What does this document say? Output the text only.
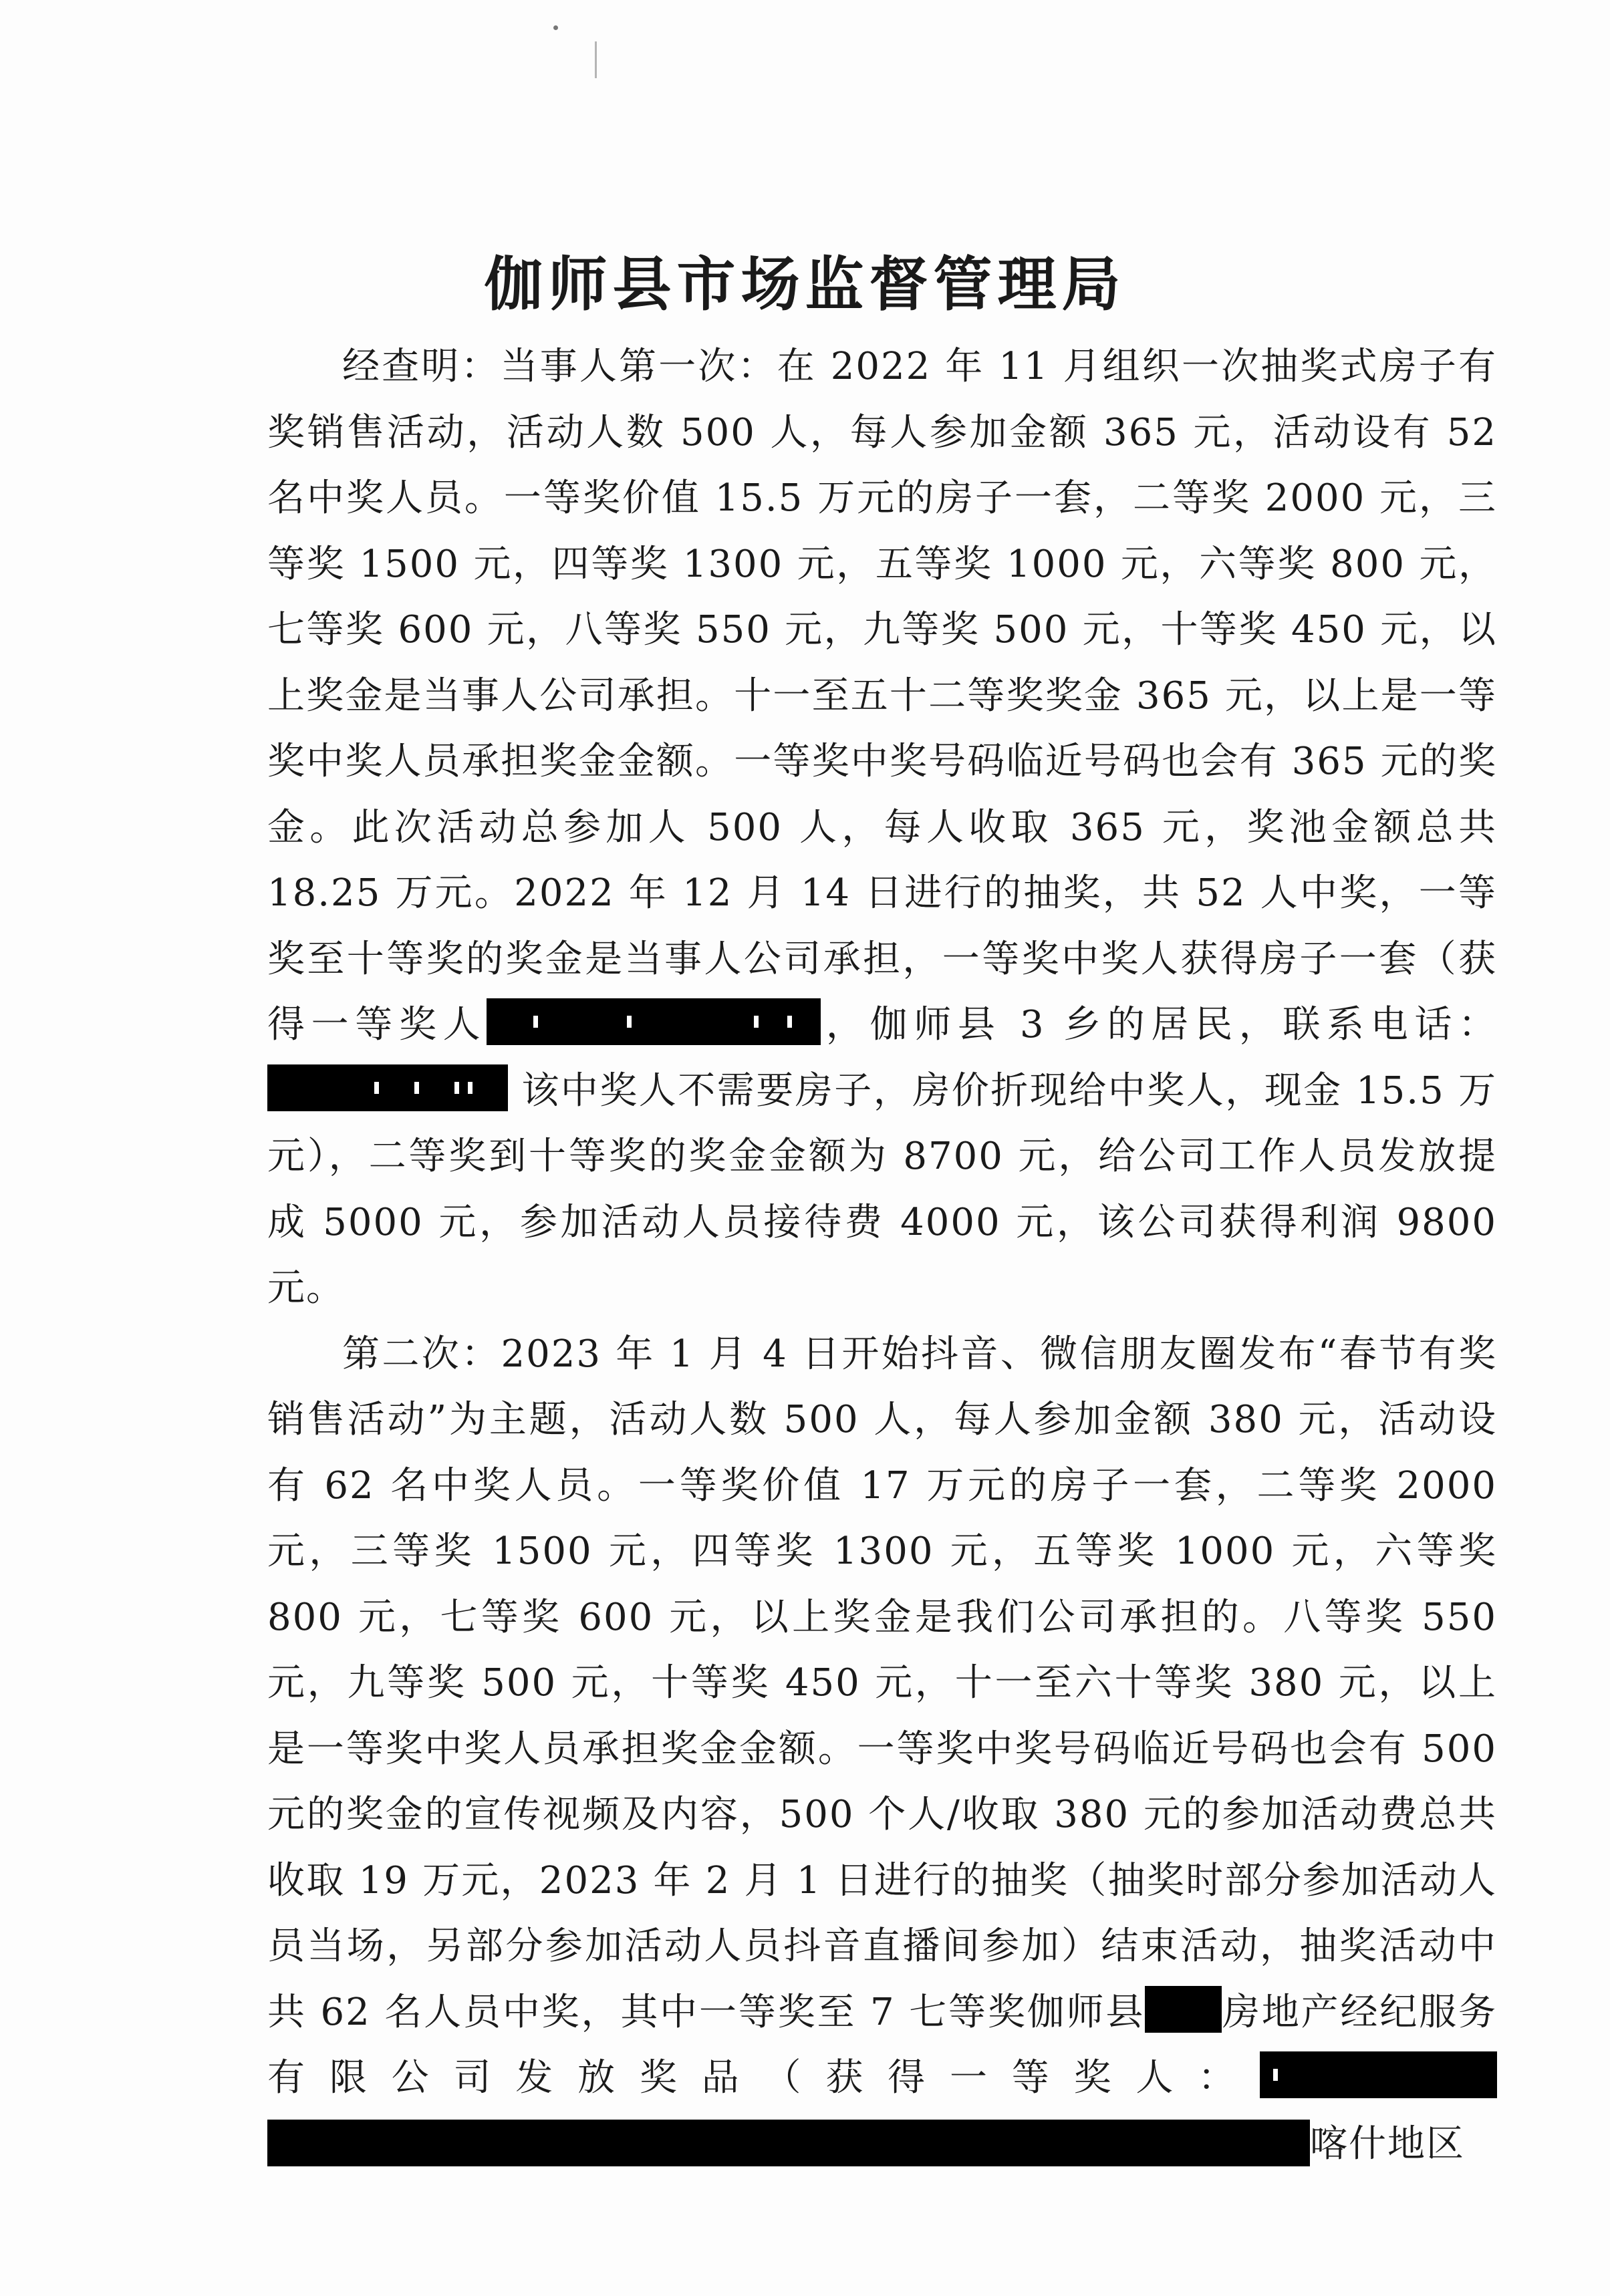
伽师县市场监督管理局

经查明：当事人第一次：在 2022 年 11 月组织一次抽奖式房子有奖销售活动，活动人数 500 人，每人参加金额 365 元，活动设有 52 名中奖人员。一等奖价值 15.5 万元的房子一套，二等奖 2000 元，三等奖 1500 元，四等奖 1300 元，五等奖 1000 元，六等奖 800 元，七等奖 600 元，八等奖 550 元，九等奖 500 元，十等奖 450 元，以上奖金是当事人公司承担。十一至五十二等奖奖金 365 元，以上是一等奖中奖人员承担奖金金额。一等奖中奖号码临近号码也会有 365 元的奖金。此次活动总参加人 500 人，每人收取 365 元，奖池金额总共 18.25 万元。2022 年 12 月 14 日进行的抽奖，共 52 人中奖，一等奖至十等奖的奖金是当事人公司承担，一等奖中奖人获得房子一套（获得一等奖人	，伽师县 3 乡的居民，联系电话：
该中奖人不需要房子，房价折现给中奖人，现金 15.5 万元），二等奖到十等奖的奖金金额为 8700 元，给公司工作人员发放提成 5000 元，参加活动人员接待费 4000 元，该公司获得利润 9800 元。

第二次：2023 年 1 月 4 日开始抖音、微信朋友圈发布“春节有奖销售活动”为主题，活动人数 500 人，每人参加金额 380 元，活动设有 62 名中奖人员。一等奖价值 17 万元的房子一套，二等奖 2000 元，三等奖 1500 元，四等奖 1300 元，五等奖 1000 元，六等奖 800 元，七等奖 600 元，以上奖金是我们公司承担的。八等奖 550 元，九等奖 500 元，十等奖 450 元，十一至六十等奖 380 元，以上是一等奖中奖人员承担奖金金额。一等奖中奖号码临近号码也会有 500 元的奖金的宣传视频及内容，500 个人/收取 380 元的参加活动费总共收取 19 万元，2023 年 2 月 1 日进行的抽奖（抽奖时部分参加活动人员当场，另部分参加活动人员抖音直播间参加）结束活动，抽奖活动中共 62 名人员中奖，其中一等奖至 7 七等奖伽师县 房地产经纪服务有限公司发放奖品（获得一等奖人：
喀什地区
